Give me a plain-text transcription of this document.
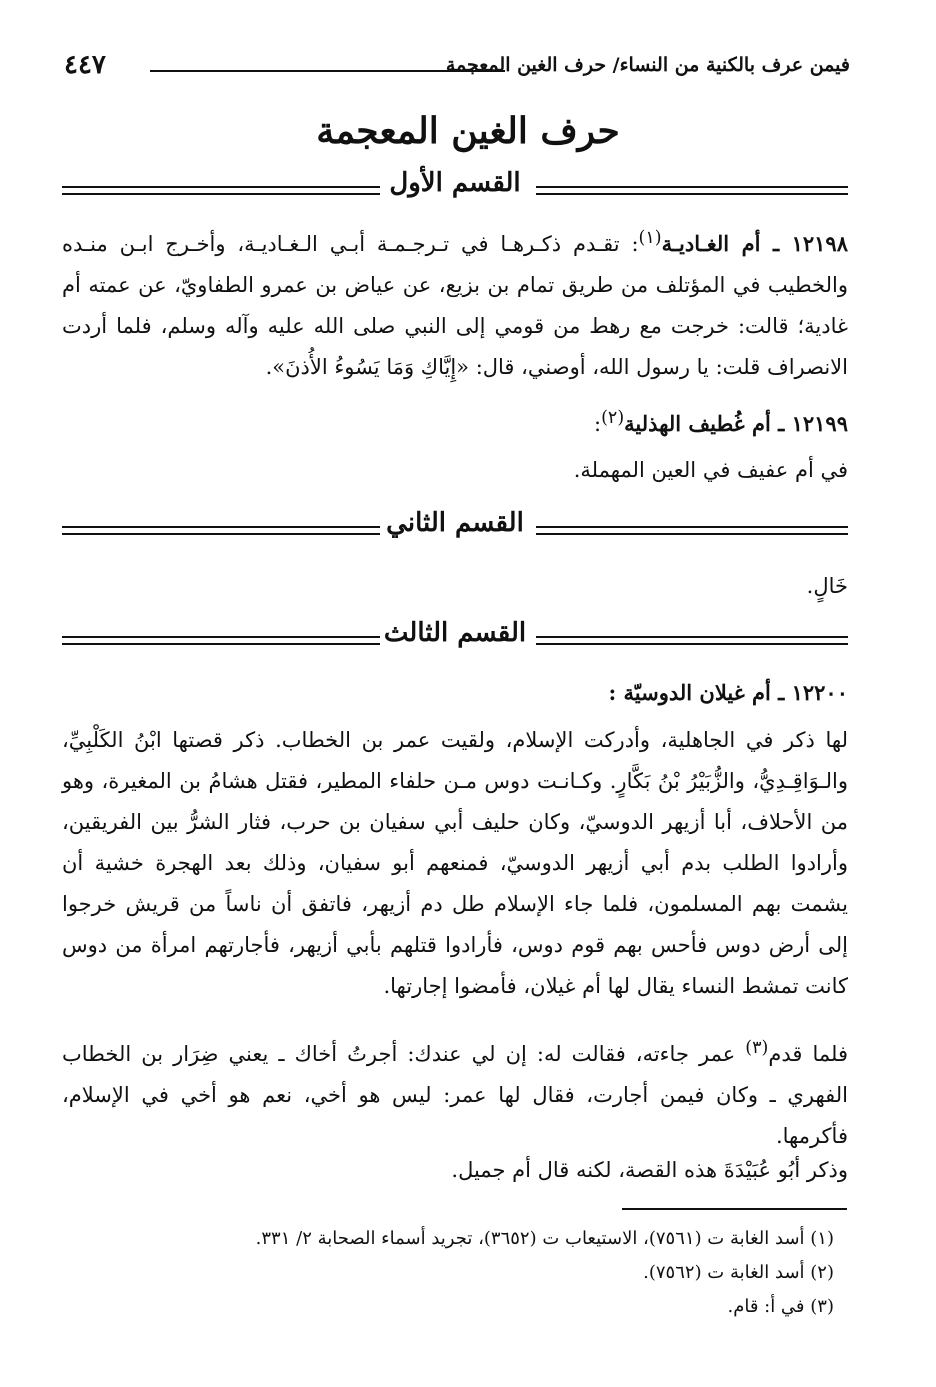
٤٤٧	فيمن عرف بالكنية من النساء/ حرف الغين المعجمة
حرف الغين المعجمة
القسم الأول

١٢١٩٨ ـ أم الغـاديـة$^{(١)}$: تقـدم ذكـرهـا في تـرجـمـة أبـي الـغـاديـة، وأخـرج ابـن منـده والخطيب في المؤتلف من طريق تمام بن بزيع، عن عياض بن عمرو الطفاويّ، عن عمته أم غادية؛ قالت: خرجت مع رهط من قومي إلى النبي صلى الله عليه وآله وسلم، فلما أردت الانصراف قلت: يا رسول الله، أوصني، قال: «إِيَّاكِ وَمَا يَسُوءُ الأُذنَ».

١٢١٩٩ ـ أم غُطيف الهذلية$^{(٢)}$:

في أم عفيف في العين المهملة.

القسم الثاني

خَالٍ.

القسم الثالث

١٢٢٠٠ ـ أم غيلان الدوسيّة :

لها ذكر في الجاهلية، وأدركت الإسلام، ولقيت عمر بن الخطاب. ذكر قصتها ابْنُ الكَلْبِيِّ، والـوَاقِـدِيُّ، والزُّبَيْرُ بْنُ بَكَّارٍ. وكـانـت دوس مـن حلفاء المطير، فقتل هشامُ بن المغيرة، وهو من الأحلاف، أبا أزيهر الدوسيّ، وكان حليف أبي سفيان بن حرب، فثار الشرُّ بين الفريقين، وأرادوا الطلب بدم أبي أزيهر الدوسيّ، فمنعهم أبو سفيان، وذلك بعد الهجرة خشية أن يشمت بهم المسلمون، فلما جاء الإسلام طل دم أزيهر، فاتفق أن ناساً من قريش خرجوا إلى أرض دوس فأحس بهم قوم دوس، فأرادوا قتلهم بأبي أزيهر، فأجارتهم امرأة من دوس كانت تمشط النساء يقال لها أم غيلان، فأمضوا إجارتها.

فلما قدم$^{(٣)}$ عمر جاءته، فقالت له: إن لي عندك: أجرتُ أخاك ـ يعني ضِرَار بن الخطاب الفهري ـ وكان فيمن أجارت، فقال لها عمر: ليس هو أخي، نعم هو أخي في الإسلام، فأكرمها.

وذكر أبُو عُبَيْدَةَ هذه القصة، لكنه قال أم جميل.

(١) أسد الغابة ت (٧٥٦١)، الاستيعاب ت (٣٦٥٢)، تجريد أسماء الصحابة ٢/ ٣٣١.

(٢) أسد الغابة ت (٧٥٦٢).

(٣) في أ: قام.
